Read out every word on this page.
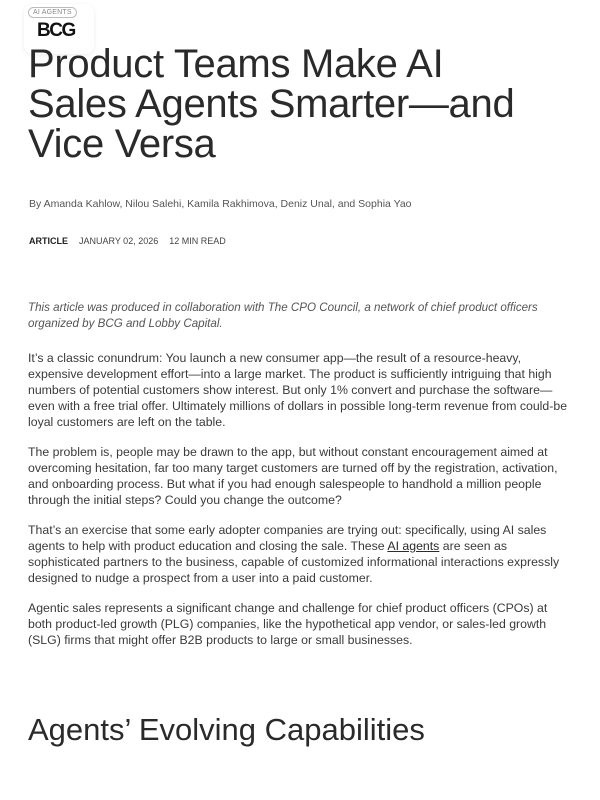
AI AGENTS
BCG
Product Teams Make AI Sales Agents Smarter—and Vice Versa
By Amanda Kahlow, Nilou Salehi, Kamila Rakhimova, Deniz Unal, and Sophia Yao
ARTICLE JANUARY 02, 2026 12 MIN READ

This article was produced in collaboration with The CPO Council, a network of chief product officers organized by BCG and Lobby Capital.

It’s a classic conundrum: You launch a new consumer app—the result of a resource-heavy, expensive development effort—into a large market. The product is sufficiently intriguing that high numbers of potential customers show interest. But only 1% convert and purchase the software—even with a free trial offer. Ultimately millions of dollars in possible long-term revenue from could-be loyal customers are left on the table.

The problem is, people may be drawn to the app, but without constant encouragement aimed at overcoming hesitation, far too many target customers are turned off by the registration, activation, and onboarding process. But what if you had enough salespeople to handhold a million people through the initial steps? Could you change the outcome?

That’s an exercise that some early adopter companies are trying out: specifically, using AI sales agents to help with product education and closing the sale. These AI agents are seen as sophisticated partners to the business, capable of customized informational interactions expressly designed to nudge a prospect from a user into a paid customer.

Agentic sales represents a significant change and challenge for chief product officers (CPOs) at both product-led growth (PLG) companies, like the hypothetical app vendor, or sales-led growth (SLG) firms that might offer B2B products to large or small businesses.

Agents’ Evolving Capabilities
